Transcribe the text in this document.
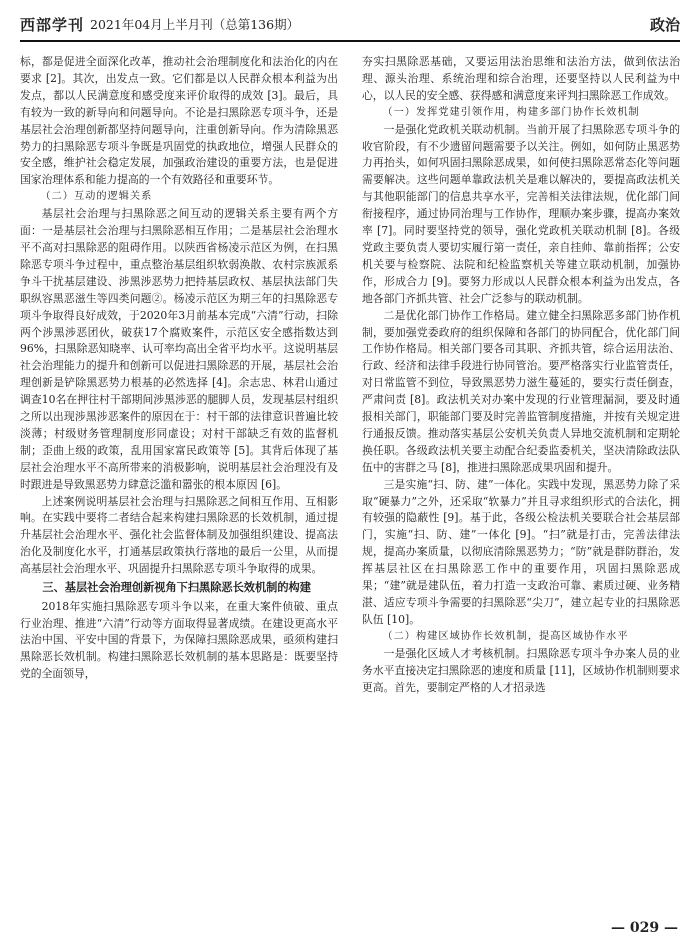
西部学刊 2021年04月上半月刊（总第136期）	政治

标，都是促进全面深化改革，推动社会治理制度化和法治化的内在要求 [2]。其次，出发点一致。它们都是以人民群众根本利益为出发点，都以人民满意度和感受度来评价取得的成效 [3]。最后，具有较为一致的新导向和问题导向。不论是扫黑除恶专项斗争，还是基层社会治理创新都坚持问题导向，注重创新导向。作为清除黑恶势力的扫黑除恶专项斗争既是巩固党的执政地位，增强人民群众的安全感，维护社会稳定发展，加强政治建设的重要方法，也是促进国家治理体系和能力提高的一个有效路径和重要环节。

（二）互动的逻辑关系

基层社会治理与扫黑除恶之间互动的逻辑关系主要有两个方面：一是基层社会治理与扫黑除恶相互作用；二是基层社会治理水平不高对扫黑除恶的阻碍作用。以陕西省杨凌示范区为例，在扫黑除恶专项斗争过程中，重点整治基层组织软弱涣散、农村宗族派系争斗干扰基层建设、涉黑涉恶势力把持基层政权、基层执法部门失职纵容黑恶滋生等四类问题②。杨凌示范区为期三年的扫黑除恶专项斗争取得良好成效，于2020年3月前基本完成“六清”行动，扫除两个涉黑涉恶团伙，破获17个腐败案件，示范区安全感指数达到96%，扫黑除恶知晓率、认可率均高出全省平均水平。这说明基层社会治理能力的提升和创新可以促进扫黑除恶的开展，基层社会治理创新是铲除黑恶势力根基的必然选择 [4]。余志忠、林君山通过调查10名在押往村干部期间涉黑涉恶的腿脚人员，发现基层村组织之所以出现涉黑涉恶案件的原因在于：村干部的法律意识普遍比较淡薄；村级财务管理制度形同虚设；对村干部缺乏有效的监督机制；歪曲上级的政策，乱用国家富民政策等 [5]。其背后体现了基层社会治理水平不高所带来的消极影响，说明基层社会治理没有及时跟进是导致黑恶势力肆意泛滥和嚣张的根本原因 [6]。

上述案例说明基层社会治理与扫黑除恶之间相互作用、互相影响。在实践中要将二者结合起来构建扫黑除恶的长效机制，通过提升基层社会治理水平、强化社会监督体制及加强组织建设、提高法治化及制度化水平，打通基层政策执行落地的最后一公里，从而提高基层社会治理水平、巩固提升扫黑除恶专项斗争取得的成果。

三、基层社会治理创新视角下扫黑除恶长效机制的构建

2018年实施扫黑除恶专项斗争以来，在重大案件侦破、重点行业治理、推进“六清”行动等方面取得显著成绩。在建设更高水平法治中国、平安中国的背景下，为保障扫黑除恶成果，亟须构建扫黑除恶长效机制。构建扫黑除恶长效机制的基本思路是：既要坚持党的全面领导，

夯实扫黑除恶基础，又要运用法治思维和法治方法，做到依法治理、源头治理、系统治理和综合治理，还要坚持以人民利益为中心，以人民的安全感、获得感和满意度来评判扫黑除恶工作成效。

（一）发挥党建引领作用，构建多部门协作长效机制

一是强化党政机关联动机制。当前开展了扫黑除恶专项斗争的收官阶段，有不少遗留问题需要予以关注。例如，如何防止黑恶势力再抬头，如何巩固扫黑除恶成果，如何使扫黑除恶常态化等问题需要解决。这些问题单靠政法机关是难以解决的，要提高政法机关与其他职能部门的信息共享水平，完善相关法律法规，优化部门间衔接程序，通过协同治理与工作协作，理顺办案步骤，提高办案效率 [7]。同时要坚持党的领导，强化党政机关联动机制 [8]。各级党政主要负责人要切实履行第一责任，亲自挂帅、靠前指挥；公安机关要与检察院、法院和纪检监察机关等建立联动机制，加强协作，形成合力 [9]。要努力形成以人民群众根本利益为出发点，各地各部门齐抓共管、社会广泛参与的联动机制。

二是优化部门协作工作格局。建立健全扫黑除恶多部门协作机制，要加强党委政府的组织保障和各部门的协同配合，优化部门间工作协作格局。相关部门要各司其职、齐抓共管，综合运用法治、行政、经济和法律手段进行协同管治。要严格落实行业监管责任，对日常监管不到位，导致黑恶势力滋生蔓延的，要实行责任倒查，严肃问责 [8]。政法机关对办案中发现的行业管理漏洞，要及时通报相关部门，职能部门要及时完善监管制度措施，并按有关规定进行通报反馈。推动落实基层公安机关负责人异地交流机制和定期轮换任职。各级政法机关要主动配合纪委监委机关，坚决清除政法队伍中的害群之马 [8]，推进扫黑除恶成果巩固和提升。

三是实施“扫、防、建”一体化。实践中发现，黑恶势力除了采取“硬暴力”之外，还采取“软暴力”并且寻求组织形式的合法化，拥有较强的隐蔽性 [9]。基于此，各级公检法机关要联合社会基层部门，实施“扫、防、建”一体化 [9]。“扫”就是打击，完善法律法规，提高办案质量，以彻底清除黑恶势力；“防”就是群防群治，发挥基层社区在扫黑除恶工作中的重要作用，巩固扫黑除恶成果；“建”就是建队伍，着力打造一支政治可靠、素质过硬、业务精湛、适应专项斗争需要的扫黑除恶“尖刀”，建立起专业的扫黑除恶队伍 [10]。

（二）构建区域协作长效机制，提高区域协作水平

一是强化区域人才考核机制。扫黑除恶专项斗争办案人员的业务水平直接决定扫黑除恶的速度和质量 [11]，区域协作机制则要求更高。首先，要制定严格的人才招录选

— 029 —
